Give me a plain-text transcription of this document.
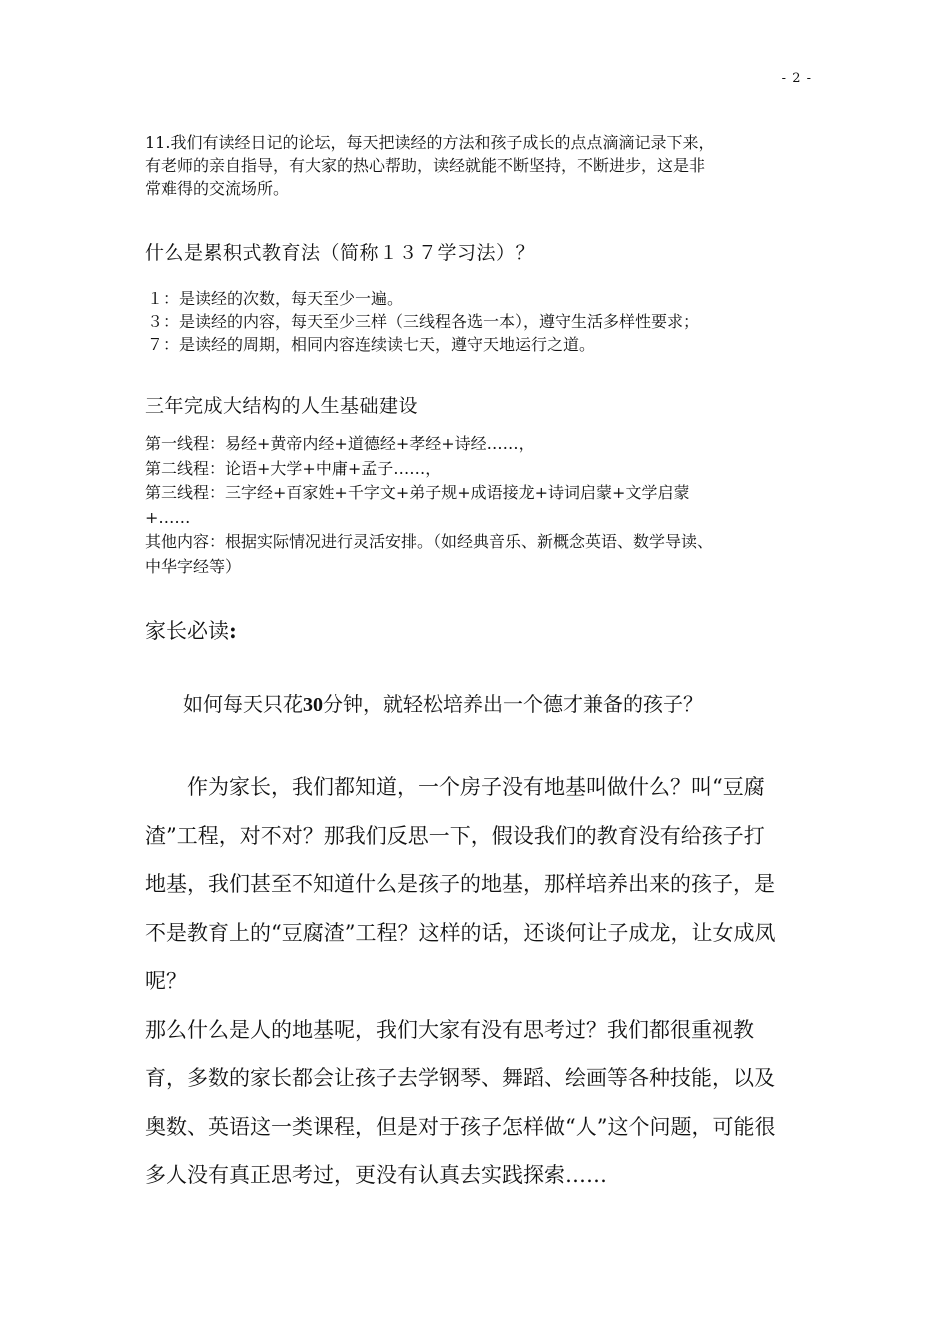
- 2 -
11.我们有读经日记的论坛，每天把读经的方法和孩子成长的点点滴滴记录下来，
有老师的亲自指导，有大家的热心帮助，读经就能不断坚持，不断进步，这是非
常难得的交流场所。
什么是累积式教育法（简称１３７学习法）？
１：是读经的次数，每天至少一遍。
３：是读经的内容，每天至少三样（三线程各选一本），遵守生活多样性要求；
７：是读经的周期，相同内容连续读七天，遵守天地运行之道。
三年完成大结构的人生基础建设
第一线程：易经+黄帝内经+道德经+孝经+诗经……，
第二线程：论语+大学+中庸+孟子……，
第三线程：三字经+百家姓+千字文+弟子规+成语接龙+诗词启蒙+文学启蒙
+……
其他内容：根据实际情况进行灵活安排。（如经典音乐、新概念英语、数学导读、
中华字经等）
家长必读:
如何每天只花30分钟，就轻松培养出一个德才兼备的孩子？
作为家长，我们都知道，一个房子没有地基叫做什么？叫“豆腐
渣”工程，对不对？那我们反思一下，假设我们的教育没有给孩子打
地基，我们甚至不知道什么是孩子的地基，那样培养出来的孩子，是
不是教育上的“豆腐渣”工程？这样的话，还谈何让子成龙，让女成凤
呢？
那么什么是人的地基呢，我们大家有没有思考过？我们都很重视教
育，多数的家长都会让孩子去学钢琴、舞蹈、绘画等各种技能，以及
奥数、英语这一类课程，但是对于孩子怎样做“人”这个问题，可能很
多人没有真正思考过，更没有认真去实践探索……
